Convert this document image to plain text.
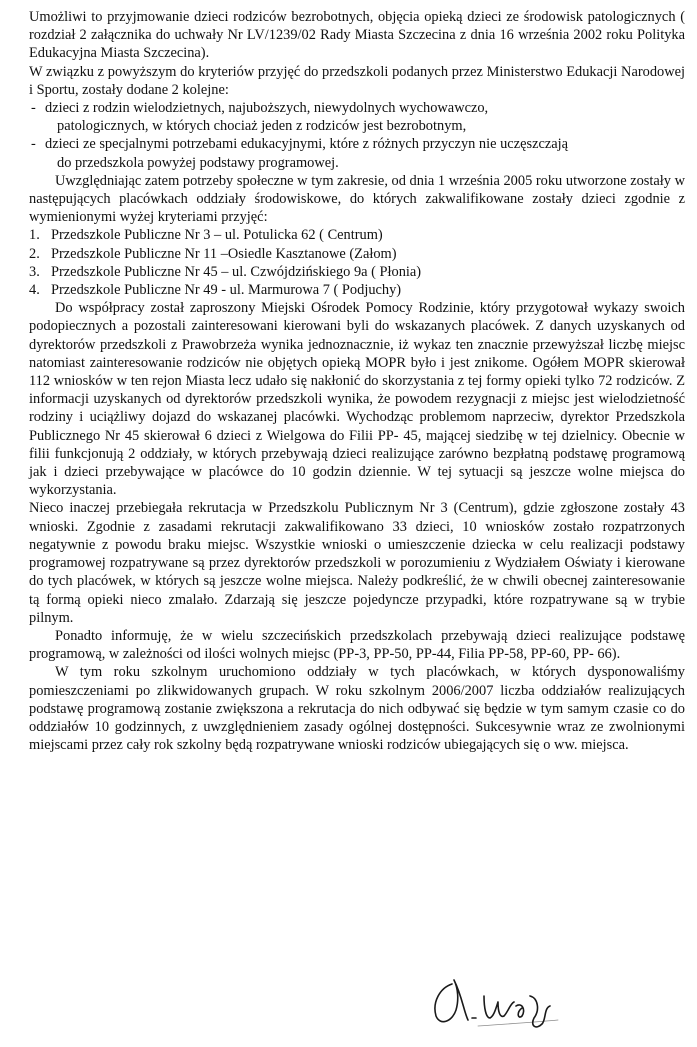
Umożliwi to przyjmowanie dzieci rodziców bezrobotnych, objęcia opieką dzieci ze środowisk patologicznych ( rozdział 2 załącznika do uchwały Nr LV/1239/02 Rady Miasta Szczecina z dnia 16 września 2002 roku Polityka Edukacyjna Miasta Szczecina).

W związku z powyższym do kryteriów przyjęć do przedszkoli podanych przez Ministerstwo Edukacji Narodowej i Sportu, zostały dodane 2 kolejne:

- dzieci z rodzin wielodzietnych, najuboższych, niewydolnych wychowawczo,
patologicznych, w których chociaż jeden z rodziców jest bezrobotnym,
- dzieci ze specjalnymi potrzebami edukacyjnymi, które z różnych przyczyn nie uczęszczają
do przedszkola powyżej podstawy programowej.

Uwzględniając zatem potrzeby społeczne w tym zakresie, od dnia 1 września 2005 roku utworzone zostały w następujących placówkach oddziały środowiskowe, do których zakwalifikowane zostały dzieci zgodnie z wymienionymi wyżej kryteriami przyjęć:

1. Przedszkole Publiczne Nr 3 – ul. Potulicka 62 ( Centrum)
2. Przedszkole Publiczne Nr 11 –Osiedle Kasztanowe (Załom)
3. Przedszkole Publiczne Nr 45 – ul. Czwójdzińskiego 9a ( Płonia)
4. Przedszkole Publiczne Nr 49 - ul. Marmurowa 7 ( Podjuchy)

Do współpracy został zaproszony Miejski Ośrodek Pomocy Rodzinie, który przygotował wykazy swoich podopiecznych a pozostali zainteresowani kierowani byli do wskazanych placówek. Z danych uzyskanych od dyrektorów przedszkoli z Prawobrzeża wynika jednoznacznie, iż wykaz ten znacznie przewyższał liczbę miejsc natomiast zainteresowanie rodziców nie objętych opieką MOPR było i jest znikome. Ogółem MOPR skierował 112 wniosków w ten rejon Miasta lecz udało się nakłonić do skorzystania z tej formy opieki tylko 72 rodziców. Z informacji uzyskanych od dyrektorów przedszkoli wynika, że powodem rezygnacji z miejsc jest wielodzietność rodziny i uciążliwy dojazd do wskazanej placówki. Wychodząc problemom naprzeciw, dyrektor Przedszkola Publicznego Nr 45 skierował 6 dzieci z Wielgowa do Filii PP- 45, mającej siedzibę w tej dzielnicy. Obecnie w filii funkcjonują 2 oddziały, w których przebywają dzieci realizujące zarówno bezpłatną podstawę programową jak i dzieci przebywające w placówce do 10 godzin dziennie. W tej sytuacji są jeszcze wolne miejsca do wykorzystania.

Nieco inaczej przebiegała rekrutacja w Przedszkolu Publicznym Nr 3 (Centrum), gdzie zgłoszone zostały 43 wnioski. Zgodnie z zasadami rekrutacji zakwalifikowano 33 dzieci, 10 wniosków zostało rozpatrzonych negatywnie z powodu braku miejsc. Wszystkie wnioski o umieszczenie dziecka w celu realizacji podstawy programowej rozpatrywane są przez dyrektorów przedszkoli w porozumieniu z Wydziałem Oświaty i kierowane do tych placówek, w których są jeszcze wolne miejsca. Należy podkreślić, że w chwili obecnej zainteresowanie tą formą opieki nieco zmalało. Zdarzają się jeszcze pojedyncze przypadki, które rozpatrywane są w trybie pilnym.

Ponadto informuję, że w wielu szczecińskich przedszkolach przebywają dzieci realizujące podstawę programową, w zależności od ilości wolnych miejsc (PP-3, PP-50, PP-44, Filia PP-58, PP-60, PP- 66).

W tym roku szkolnym uruchomiono oddziały w tych placówkach, w których dysponowaliśmy pomieszczeniami po zlikwidowanych grupach. W roku szkolnym 2006/2007 liczba oddziałów realizujących podstawę programową zostanie zwiększona a rekrutacja do nich odbywać się będzie w tym samym czasie co do oddziałów 10 godzinnych, z uwzględnieniem zasady ogólnej dostępności. Sukcesywnie wraz ze zwolnionymi miejscami przez cały rok szkolny będą rozpatrywane wnioski rodziców ubiegających się o ww. miejsca.
